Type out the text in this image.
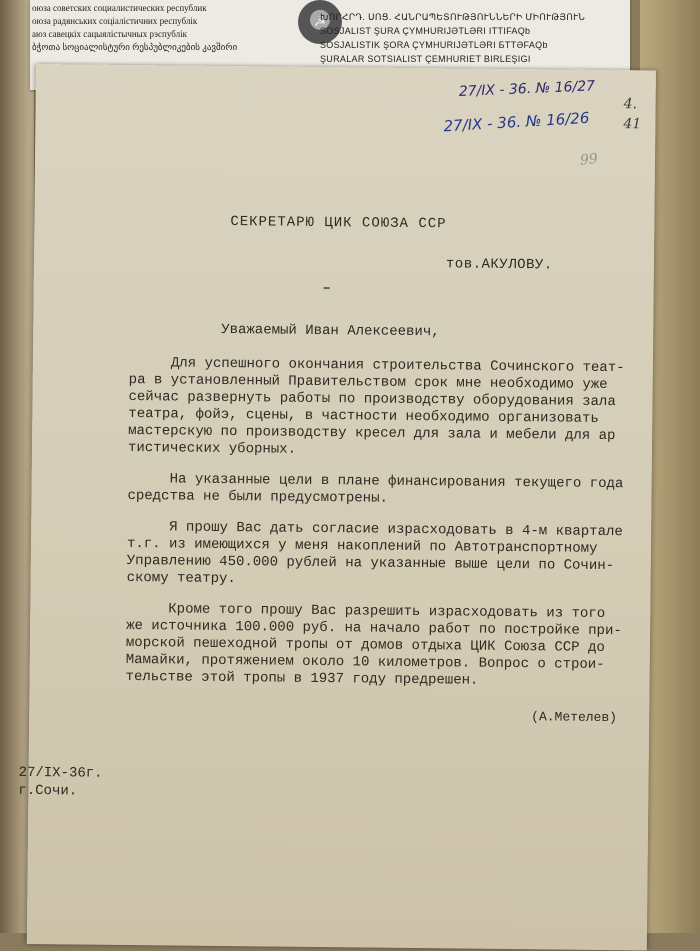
оюза советских социалистических республик
оюза радянських соціалістичних республік
аюз савецкіх сацыялістычных рэспублік
ბჭოთა სოციალისტური რესპუბლიკების კავშირი
☭
ԽՈՐՀՐԴ. ՍՈՑ. ՀԱՆՐԱՊԵՏՈՒԹՅՈՒՆՆԵՐԻ ՄԻՈՒԹՅՈՒՆ
SOSJALIST ŞURA ÇYMHURIJƏTLƏRI ITTIFAQb
SOSJALISTIK ŞORA ÇYMHURIJƏTLƏRI БTTƏFAQb
ŞURALAR SOTSIALIST ÇEMHURIET BIRLEŞIGI
27/IX - 36. № 16/27
27/IX - 36. № 16/26
99
4.
41
СЕКРЕТАРЮ ЦИК СОЮЗА ССР
тов.АКУЛОВУ.
Уважаемый Иван Алексеевич,

Для успешного окончания строительства Сочинского теат-
ра в установленный Правительством срок мне необходимо уже
сейчас развернуть работы по производству оборудования зала
театра, фойэ, сцены, в частности необходимо организовать
мастерскую по производству кресел для зала и мебели для ар
тистических уборных.

На указанные цели в плане финансирования текущего года
средства не были предусмотрены.

Я прошу Вас дать согласие израсходовать в 4-м квартале
т.г. из имеющихся у меня накоплений по Автотранспортному
Управлению 450.000 рублей на указанные выше цели по Сочин-
скому театру.

Кроме того прошу Вас разрешить израсходовать из того
же источника 100.000 руб. на начало работ по постройке при-
морской пешеходной тропы от домов отдыха ЦИК Союза ССР до
Мамайки, протяжением около 10 километров. Вопрос о строи-
тельстве этой тропы в 1937 году предрешен.

(А.Метелев)
27/IX-36г.
г.Сочи.
